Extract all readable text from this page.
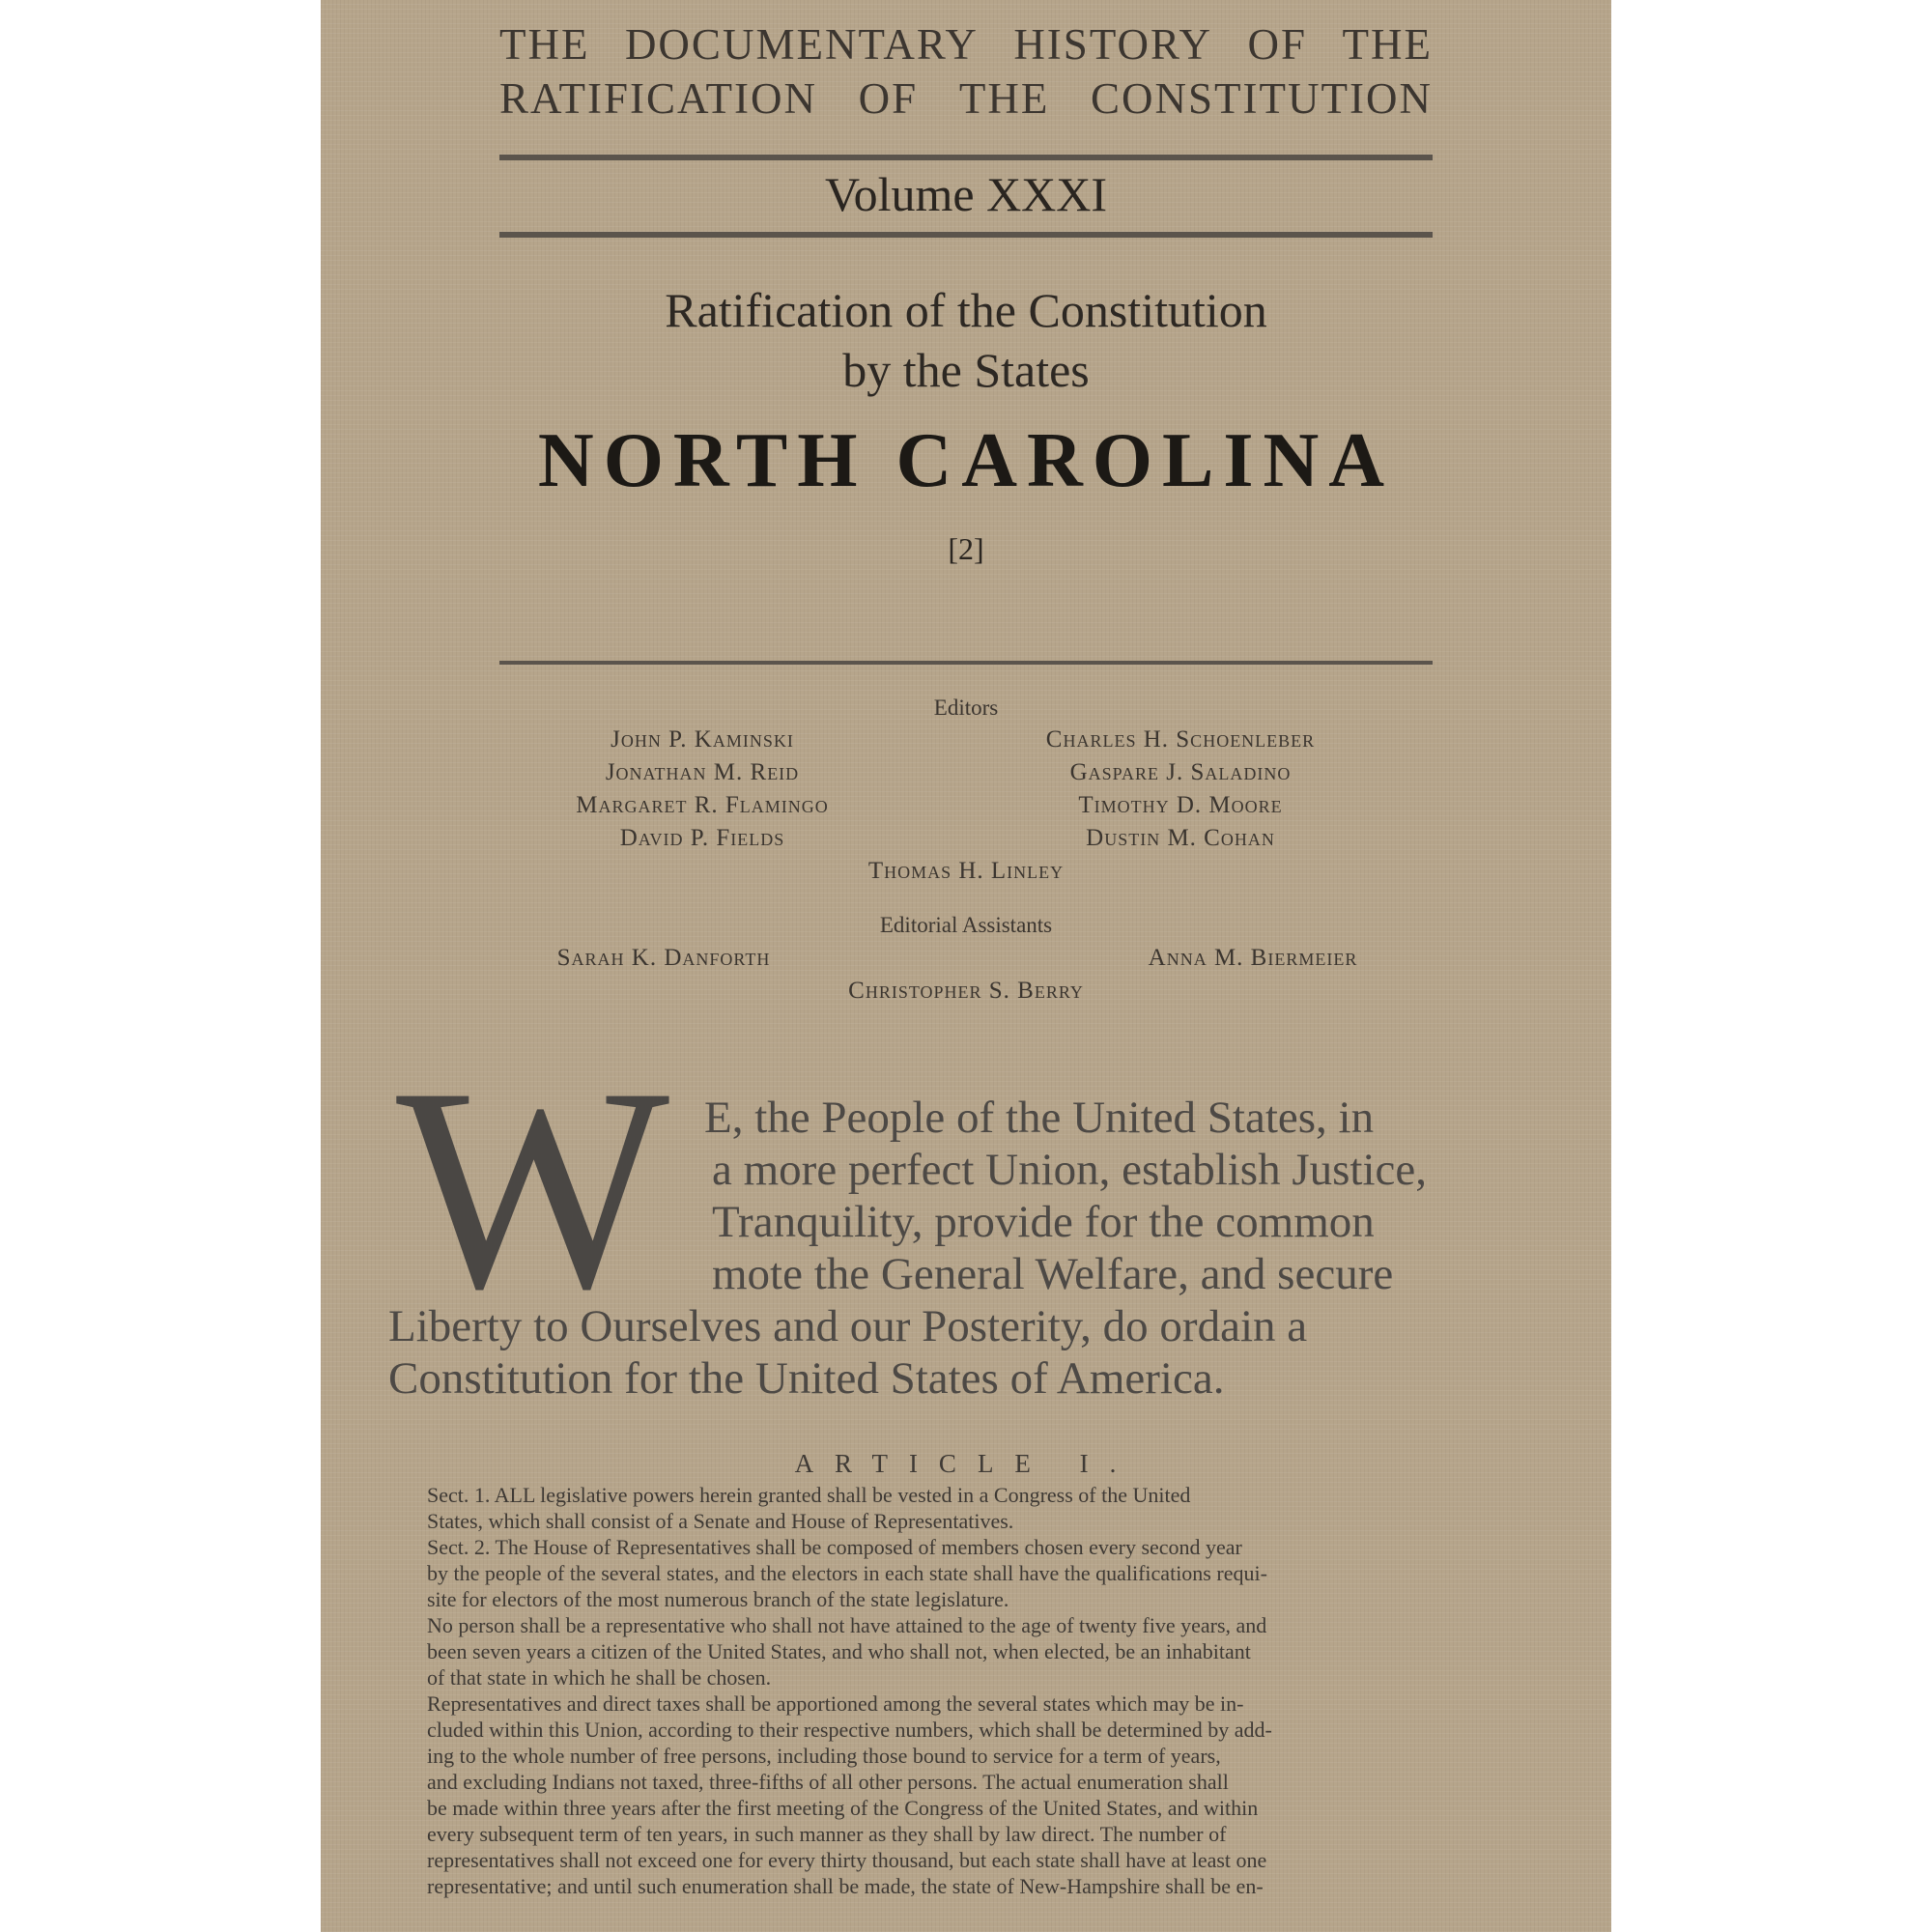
THE DOCUMENTARY HISTORY OF THE
RATIFICATION OF THE CONSTITUTION
Volume XXXI
Ratification of the Constitution
by the States
NORTH CAROLINA
[2]
Editors
John P. Kaminski
Jonathan M. Reid
Margaret R. Flamingo
David P. Fields
Charles H. Schoenleber
Gaspare J. Saladino
Timothy D. Moore
Dustin M. Cohan
Thomas H. Linley
Editorial Assistants
Sarah K. Danforth	Anna M. Biermeier
Christopher S. Berry
W E, the People of the United States, in
a more perfect Union, establish Justice,
Tranquility, provide for the common
mote the General Welfare, and secure
Liberty to Ourselves and our Posterity, do ordain a
Constitution for the United States of America.
ARTICLE I.
Sect. 1. ALL legislative powers herein granted shall be vested in a Congress of the United
States, which shall consist of a Senate and House of Representatives.
Sect. 2. The House of Representatives shall be composed of members chosen every second year
by the people of the several states, and the electors in each state shall have the qualifications requi-
site for electors of the most numerous branch of the state legislature.
No person shall be a representative who shall not have attained to the age of twenty five years, and
been seven years a citizen of the United States, and who shall not, when elected, be an inhabitant
of that state in which he shall be chosen.
Representatives and direct taxes shall be apportioned among the several states which may be in-
cluded within this Union, according to their respective numbers, which shall be determined by add-
ing to the whole number of free persons, including those bound to service for a term of years,
and excluding Indians not taxed, three-fifths of all other persons. The actual enumeration shall
be made within three years after the first meeting of the Congress of the United States, and within
every subsequent term of ten years, in such manner as they shall by law direct. The number of
representatives shall not exceed one for every thirty thousand, but each state shall have at least one
representative; and until such enumeration shall be made, the state of New-Hampshire shall be en-
